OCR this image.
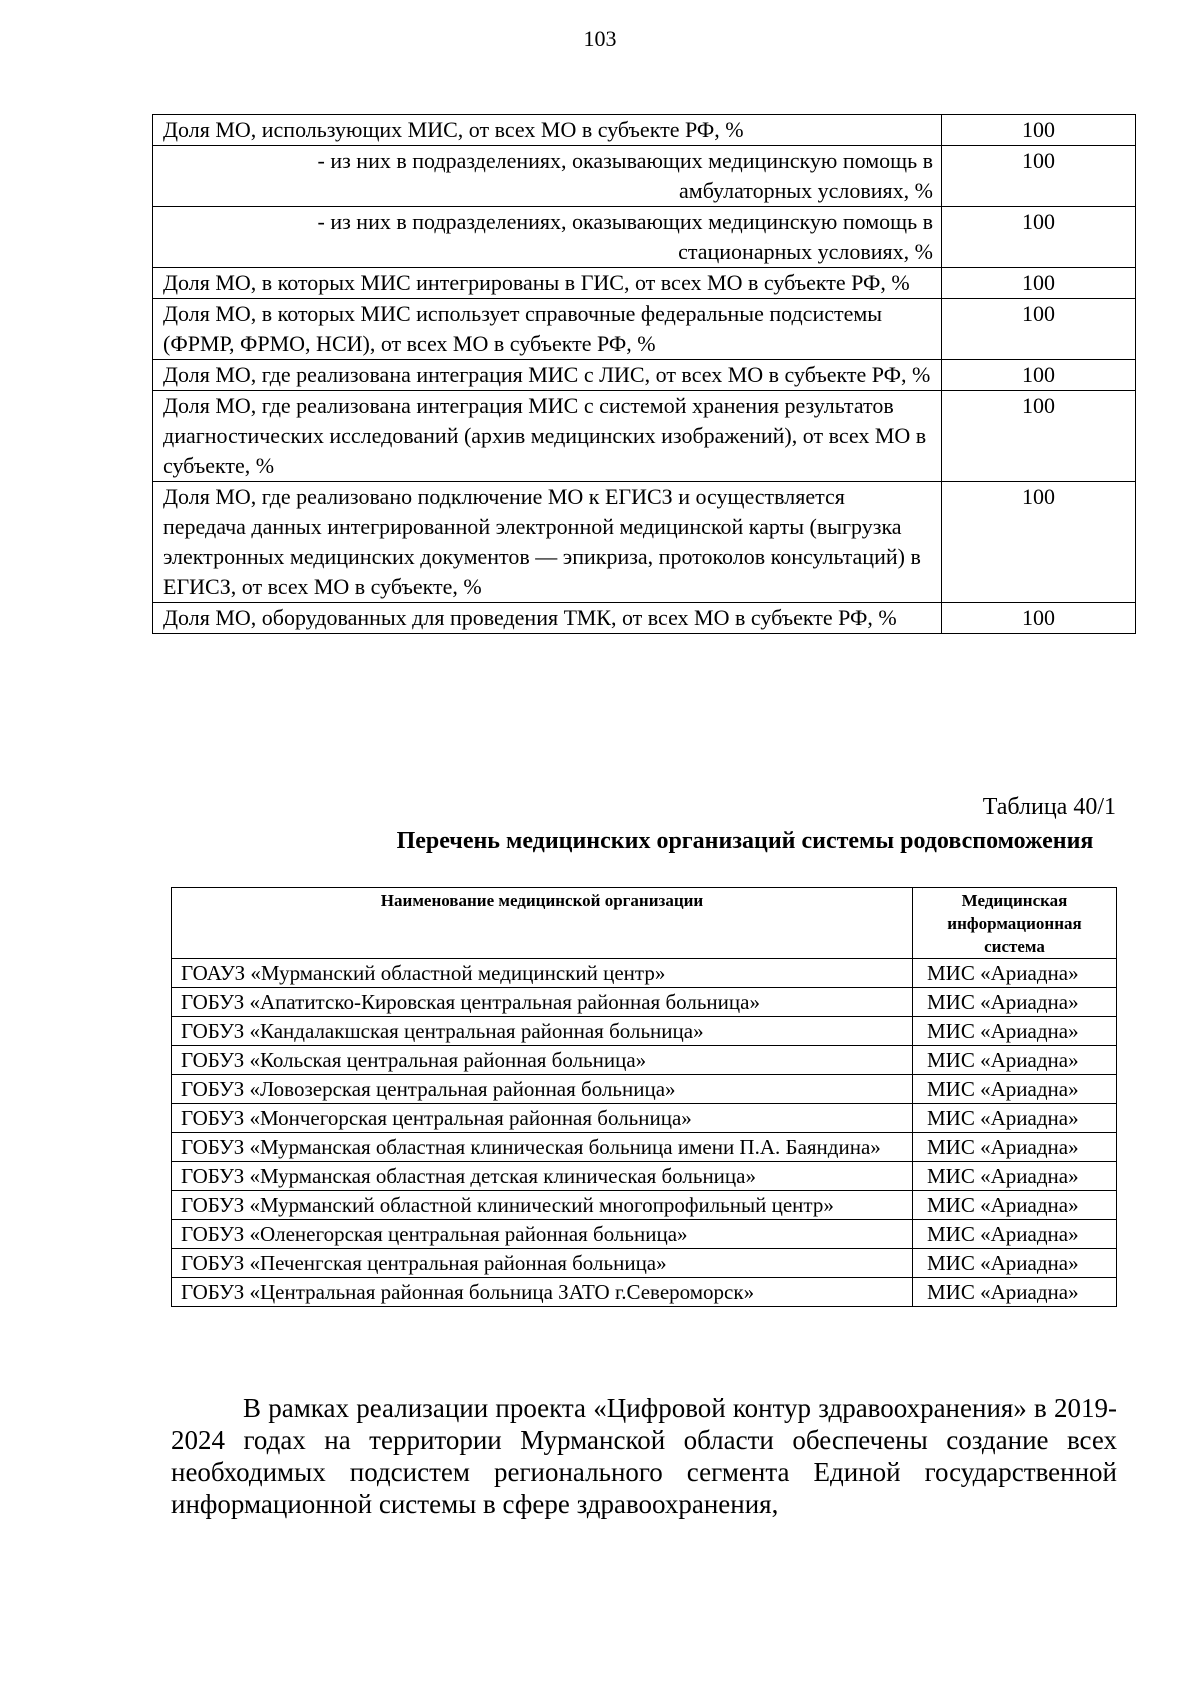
103
Доля МО, использующих МИС, от всех МО в субъекте РФ, %	100
- из них в подразделениях, оказывающих медицинскую помощь в амбулаторных условиях, %	100
- из них в подразделениях, оказывающих медицинскую помощь в стационарных условиях, %	100
Доля МО, в которых МИС интегрированы в ГИС, от всех МО в субъекте РФ, %	100
Доля МО, в которых МИС использует справочные федеральные подсистемы (ФРМР, ФРМО, НСИ), от всех МО в субъекте РФ, %	100
Доля МО, где реализована интеграция МИС с ЛИС, от всех МО в субъекте РФ, %	100
Доля МО, где реализована интеграция МИС с системой хранения результатов диагностических исследований (архив медицинских изображений), от всех МО в субъекте, %	100
Доля МО, где реализовано подключение МО к ЕГИСЗ и осуществляется передача данных интегрированной электронной медицинской карты (выгрузка электронных медицинских документов — эпикриза, протоколов консультаций) в ЕГИСЗ, от всех МО в субъекте, %	100
Доля МО, оборудованных для проведения ТМК, от всех МО в субъекте РФ, %	100
Таблица 40/1
Перечень медицинских организаций системы родовспоможения
Наименование медицинской организации	Медицинская информационная система
ГОАУЗ «Мурманский областной медицинский центр»	МИС «Ариадна»
ГОБУЗ «Апатитско-Кировская центральная районная больница»	МИС «Ариадна»
ГОБУЗ «Кандалакшская центральная районная больница»	МИС «Ариадна»
ГОБУЗ «Кольская центральная районная больница»	МИС «Ариадна»
ГОБУЗ «Ловозерская центральная районная больница»	МИС «Ариадна»
ГОБУЗ «Мончегорская центральная районная больница»	МИС «Ариадна»
ГОБУЗ «Мурманская областная клиническая больница имени П.А. Баяндина»	МИС «Ариадна»
ГОБУЗ «Мурманская областная детская клиническая больница»	МИС «Ариадна»
ГОБУЗ «Мурманский областной клинический многопрофильный центр»	МИС «Ариадна»
ГОБУЗ «Оленегорская центральная районная больница»	МИС «Ариадна»
ГОБУЗ «Печенгская центральная районная больница»	МИС «Ариадна»
ГОБУЗ «Центральная районная больница ЗАТО г.Североморск»	МИС «Ариадна»

В рамках реализации проекта «Цифровой контур здравоохранения» в 2019-2024 годах на территории Мурманской области обеспечены создание всех необходимых подсистем регионального сегмента Единой государственной информационной системы в сфере здравоохранения,
